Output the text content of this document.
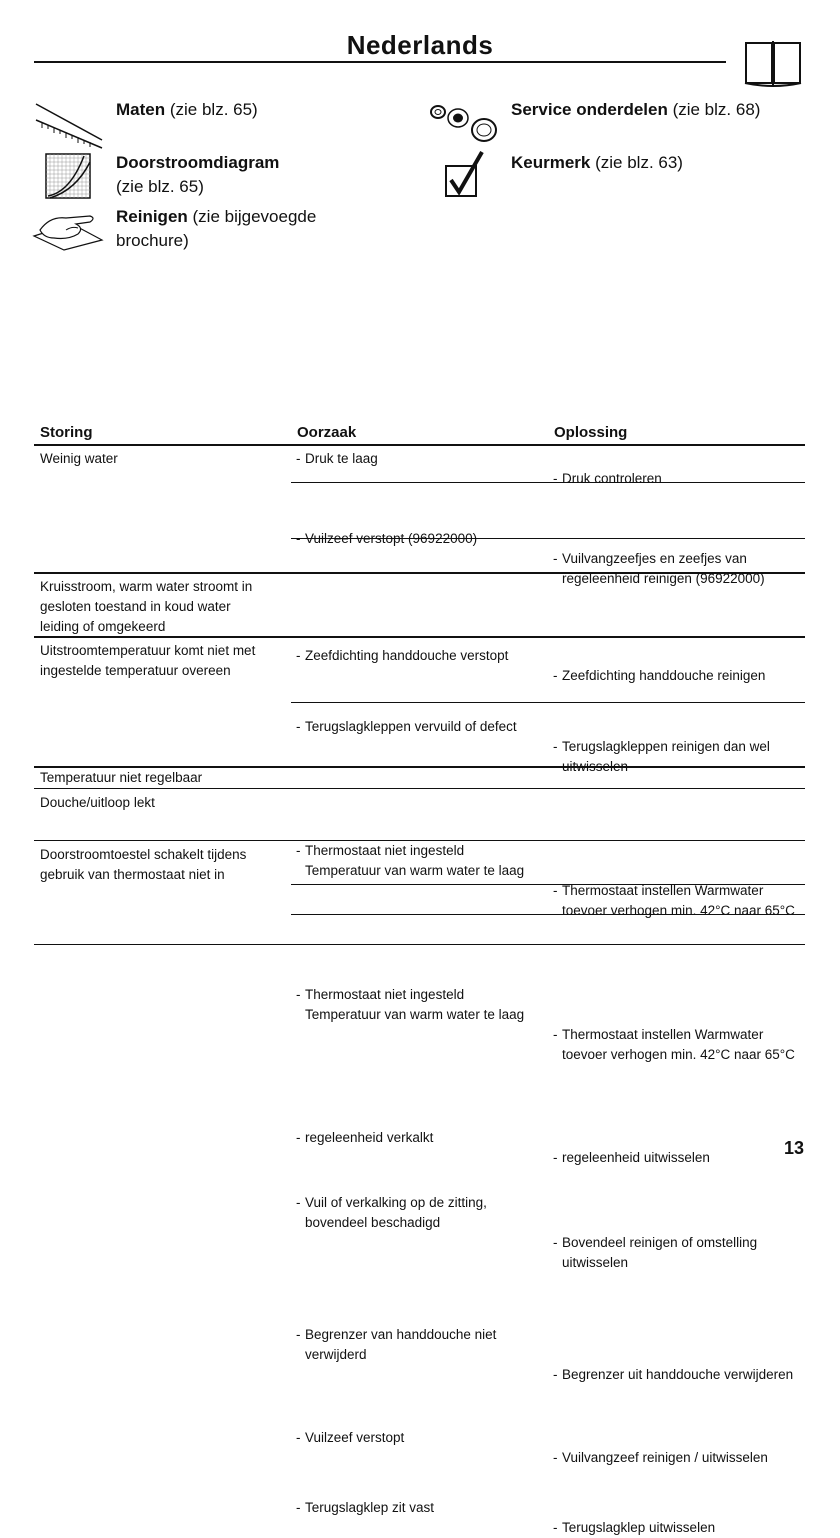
Nederlands
Maten (zie blz. 65)
Doorstroomdiagram
(zie blz. 65)
Reinigen (zie bijgevoegde brochure)
Service onderdelen (zie blz. 68)
Keurmerk (zie blz. 63)
Storing	Oorzaak	Oplossing
Weinig water
-	Druk te laag
- Druk controleren
- Vuilzeef verstopt (96922000)
- Vuilvangzeefjes en zeefjes van regeleenheid reinigen (96922000)
- Zeefdichting handdouche verstopt
- Zeefdichting handdouche reinigen
Kruisstroom, warm water stroomt in gesloten toestand in koud water leiding of omgekeerd
- Terugslagkleppen vervuild of defect
- Terugslagkleppen reinigen dan wel uitwisselen
Uitstroomtemperatuur komt niet met ingestelde temperatuur overeen
- Thermostaat niet ingesteld Temperatuur van warm water te laag
- Thermostaat instellen Warmwater toevoer verhogen min. 42°C naar 65°C
- Thermostaat niet ingesteld Temperatuur van warm water te laag
- Thermostaat instellen Warmwater toevoer verhogen min. 42°C naar 65°C
Temperatuur niet regelbaar
- regeleenheid verkalkt
- regeleenheid uitwisselen
Douche/uitloop lekt
- Vuil of verkalking op de zitting, bovendeel beschadigd
- Bovendeel reinigen of omstelling uitwisselen
Doorstroomtoestel schakelt tijdens gebruik van thermostaat niet in
- Begrenzer van handdouche niet verwijderd
- Begrenzer uit handdouche verwijderen
- Vuilzeef verstopt
- Vuilvangzeef reinigen / uitwisselen
- Terugslagklep zit vast
- Terugslagklep uitwisselen
13
